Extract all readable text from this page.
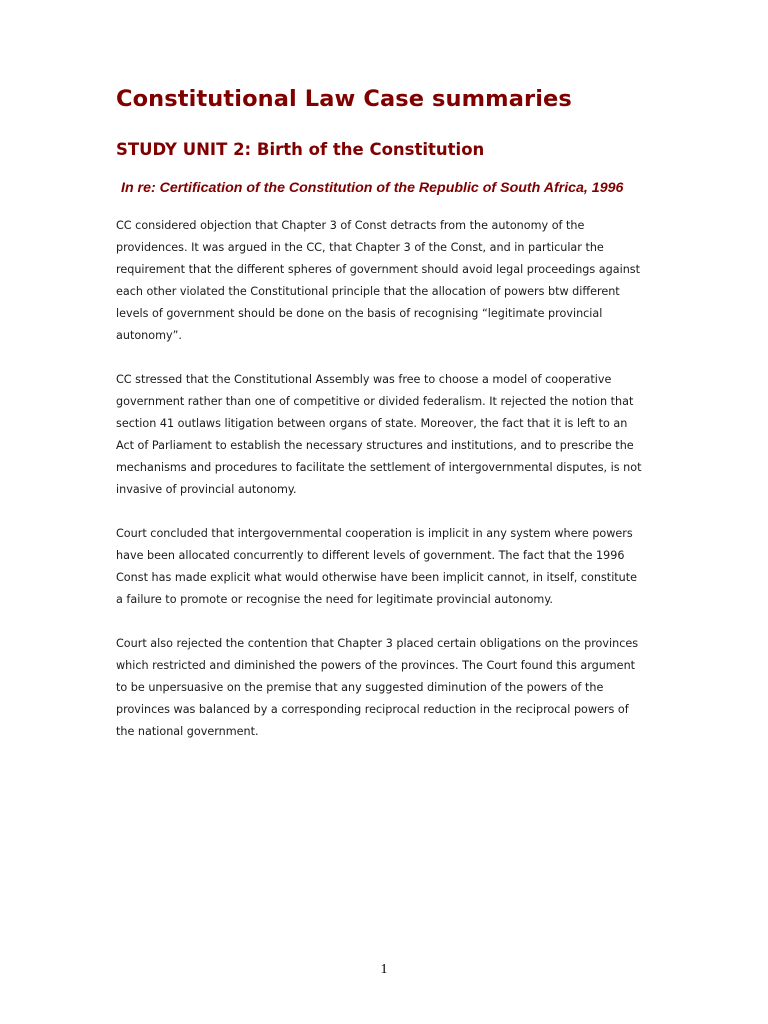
Constitutional Law Case summaries
STUDY UNIT 2: Birth of the Constitution
In re: Certification of the Constitution of the Republic of South Africa, 1996
CC considered objection that Chapter 3 of Const detracts from the autonomy of the
providences. It was argued in the CC, that Chapter 3 of the Const, and in particular the
requirement that the different spheres of government should avoid legal proceedings against
each other violated the Constitutional principle that the allocation of powers btw different
levels of government should be done on the basis of recognising “legitimate provincial
autonomy”.
CC stressed that the Constitutional Assembly was free to choose a model of cooperative
government rather than one of competitive or divided federalism. It rejected the notion that
section 41 outlaws litigation between organs of state. Moreover, the fact that it is left to an
Act of Parliament to establish the necessary structures and institutions, and to prescribe the
mechanisms and procedures to facilitate the settlement of intergovernmental disputes, is not
invasive of provincial autonomy.
Court concluded that intergovernmental cooperation is implicit in any system where powers
have been allocated concurrently to different levels of government. The fact that the 1996
Const has made explicit what would otherwise have been implicit cannot, in itself, constitute
a failure to promote or recognise the need for legitimate provincial autonomy.
Court also rejected the contention that Chapter 3 placed certain obligations on the provinces
which restricted and diminished the powers of the provinces. The Court found this argument
to be unpersuasive on the premise that any suggested diminution of the powers of the
provinces was balanced by a corresponding reciprocal reduction in the reciprocal powers of
the national government.
1
